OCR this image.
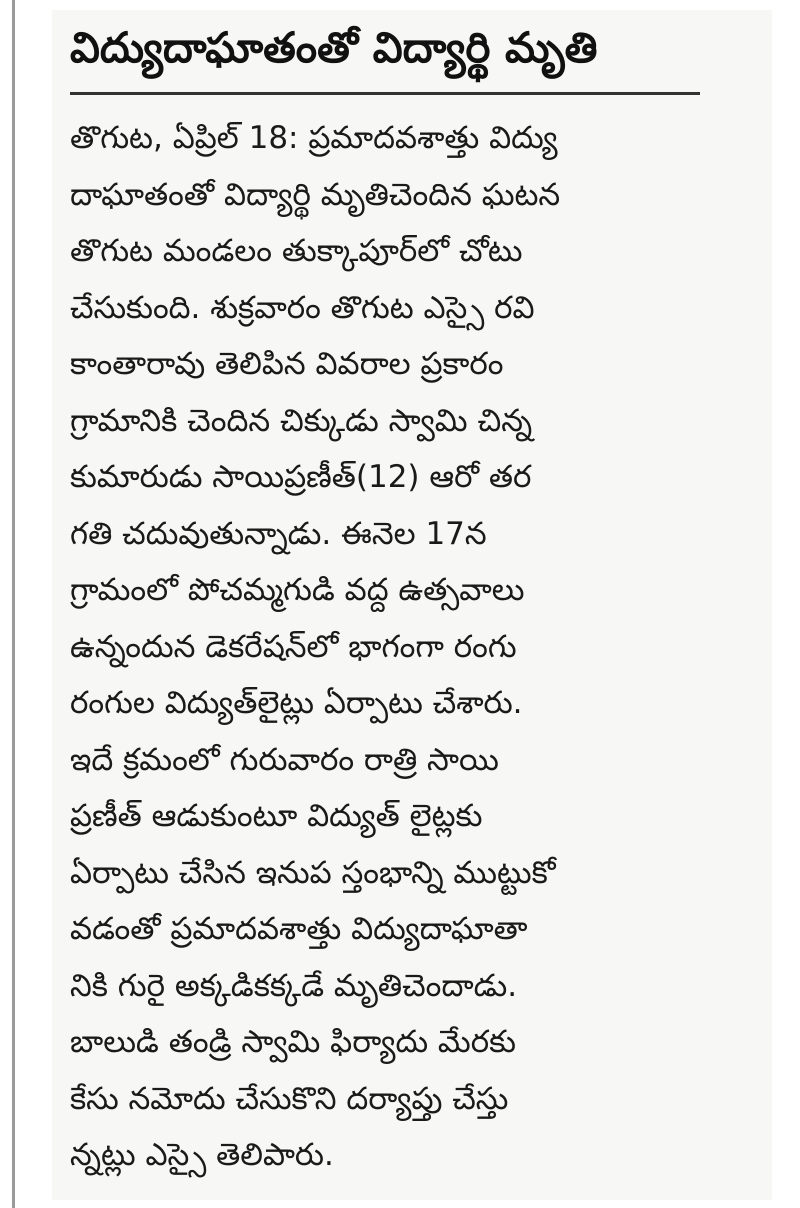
విద్యుదాఘాతంతో విద్యార్థి మృతి
తొగుట, ఏప్రిల్ 18: ప్రమాదవశాత్తు విద్యు
దాఘాతంతో విద్యార్థి మృతిచెందిన ఘటన
తొగుట మండలం తుక్కాపూర్‌లో చోటు
చేసుకుంది. శుక్రవారం తొగుట ఎస్సై రవి
కాంతారావు తెలిపిన వివరాల ప్రకారం
గ్రామానికి చెందిన చిక్కుడు స్వామి చిన్న
కుమారుడు సాయిప్రణీత్(12) ఆరో తర
గతి చదువుతున్నాడు. ఈనెల 17న
గ్రామంలో పోచమ్మగుడి వద్ద ఉత్సవాలు
ఉన్నందున డెకరేషన్‌లో భాగంగా రంగు
రంగుల విద్యుత్‌లైట్లు ఏర్పాటు చేశారు.
ఇదే క్రమంలో గురువారం రాత్రి సాయి
ప్రణీత్ ఆడుకుంటూ విద్యుత్ లైట్లకు
ఏర్పాటు చేసిన ఇనుప స్తంభాన్ని ముట్టుకో
వడంతో ప్రమాదవశాత్తు విద్యుదాఘాతా
నికి గురై అక్కడికక్కడే మృతిచెందాడు.
బాలుడి తండ్రి స్వామి ఫిర్యాదు మేరకు
కేసు నమోదు చేసుకొని దర్యాప్తు చేస్తు
న్నట్లు ఎస్సై తెలిపారు.
